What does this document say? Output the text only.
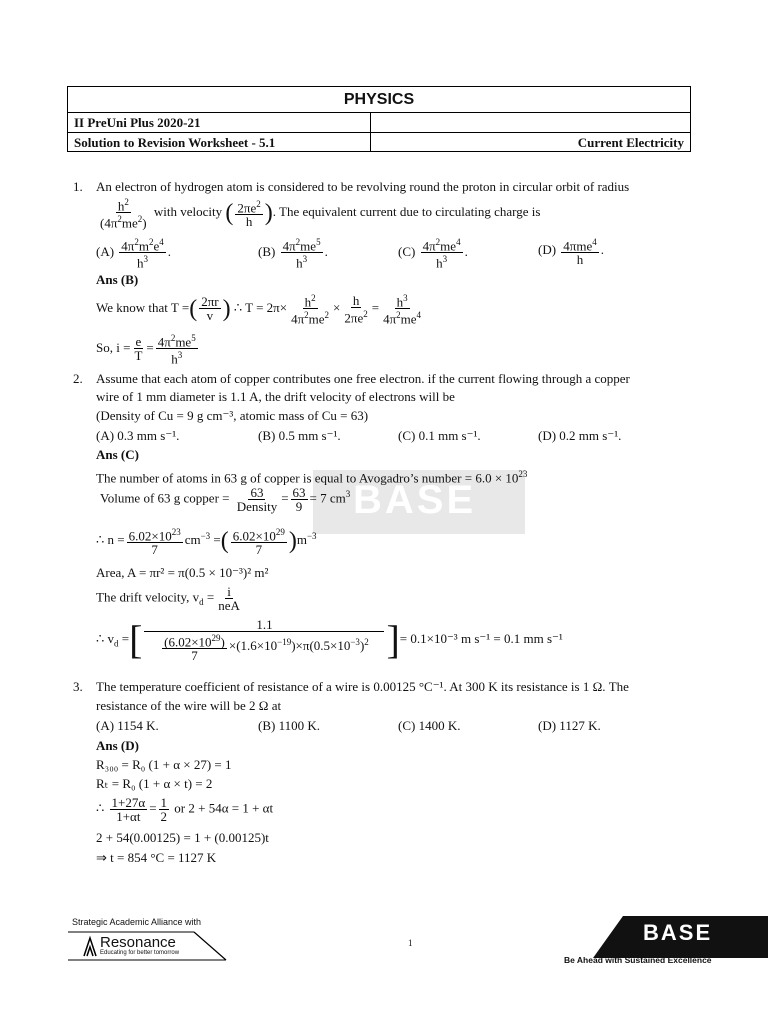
PHYSICS
II PreUni Plus 2020-21
Solution to Revision Worksheet - 5.1	Current Electricity
BASE
1. An electron of hydrogen atom is considered to be revolving round the proton in circular orbit of radius
$\frac{h^2}{(4\pi^2me^2)}$ with velocity ( $\frac{2\pi e^2}{h}$ ). The equivalent current due to circulating charge is
$(A) \frac{4\pi^2m^2e^4}{h^3}$ .	$(B) \frac{4\pi^2me^5}{h^3}$ .	$(C) \frac{4\pi^2me^4}{h^3}$ .	$(D) \frac{4\pi me^4}{h}$ .
Ans (B)
We know that T =( $\frac{2\pi r}{v}$ ) ∴ $T = 2\pi\times \frac{h^2}{4\pi^2me^2} \times \frac{h}{2\pi e^2} = \frac{h^3}{4\pi^2me^4}$
So, $i = \frac{e}{T} = \frac{4\pi^2me^5}{h^3}$
2. Assume that each atom of copper contributes one free electron. if the current flowing through a copper
wire of 1 mm diameter is 1.1 A, the drift velocity of electrons will be
(Density of Cu = 9 g cm⁻³, atomic mass of Cu = 63)
(A) 0.3 mm s⁻¹.	(B) 0.5 mm s⁻¹.	(C) 0.1 mm s⁻¹.	(D) 0.2 mm s⁻¹.
Ans (C)
The number of atoms in 63 g of copper is equal to Avogadro’s number = $6.0 \times 10^{23}$
Volume of 63 g copper = $\frac{63}{\text{Density}} = \frac{63}{9} = 7$ $cm^3$
∴ $n = \frac{6.02\times 10^{23}}{7} cm^{-3}$ =( $\frac{6.02\times 10^{29}}{7} )m^{-3}$
Area, A = πr² = π(0.5 × 10⁻³)² m²
The drift velocity, $v_d = \frac{i}{\text{neA}}$
∴ $v_d$ =[ $\frac{1.1}{\frac{(6.02\times 10^{29})}{7} \times(1.6\times 10^{-19})\times\pi(0.5\times 10^{-3})^2}$ ]= 0.1×10⁻³ m s⁻¹ = 0.1 mm s⁻¹
3. The temperature coefficient of resistance of a wire is 0.00125 °C⁻¹. At 300 K its resistance is 1 Ω. The
resistance of the wire will be 2 Ω at
(A) 1154 K.	(B) 1100 K.	(C) 1400 K.	(D) 1127 K.
Ans (D)
R₃₀₀ = R₀ (1 + α × 27) = 1
Rₜ = R₀ (1 + α × t) = 2
∴ $\frac{1+27\alpha}{1+\alpha t} = \frac{1}{2}$ or 2 + 54α = 1 + αt
2 + 54(0.00125) = 1 + (0.00125)t
⇒ t = 854 °C = 1127 K
Strategic Academic Alliance with
Resonance
Educating for better tomorrow
1	BASE
Be Ahead with Sustained Excellence
